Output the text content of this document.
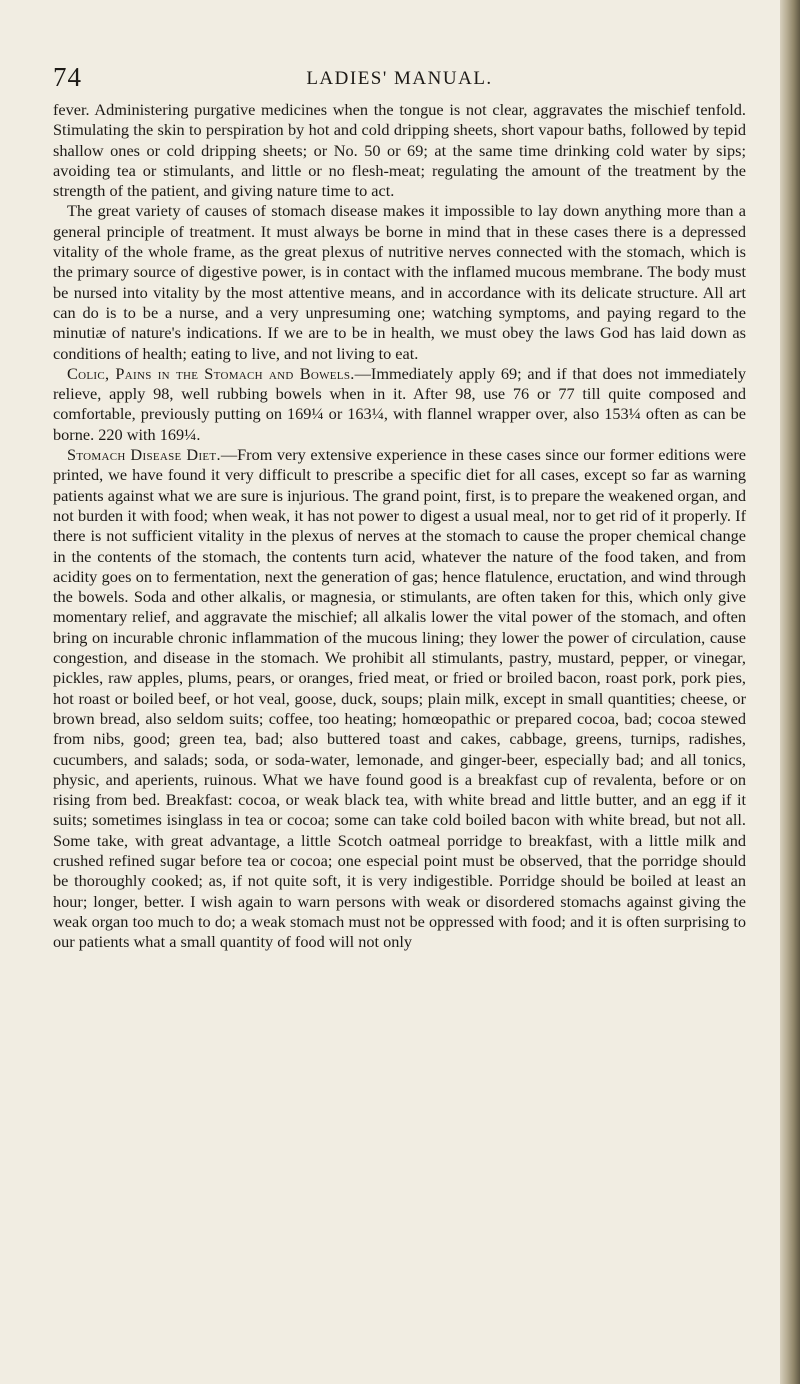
74	LADIES' MANUAL.

fever. Administering purgative medicines when the tongue is not clear, aggravates the mischief tenfold. Stimulating the skin to perspiration by hot and cold dripping sheets, short vapour baths, followed by tepid shallow ones or cold dripping sheets; or No. 50 or 69; at the same time drinking cold water by sips; avoiding tea or stimulants, and little or no flesh-meat; regulating the amount of the treatment by the strength of the patient, and giving nature time to act.

The great variety of causes of stomach disease makes it impossible to lay down anything more than a general principle of treatment. It must always be borne in mind that in these cases there is a depressed vitality of the whole frame, as the great plexus of nutritive nerves connected with the stomach, which is the primary source of digestive power, is in contact with the inflamed mucous membrane. The body must be nursed into vitality by the most attentive means, and in accordance with its delicate structure. All art can do is to be a nurse, and a very unpresuming one; watching symptoms, and paying regard to the minutiæ of nature's indications. If we are to be in health, we must obey the laws God has laid down as conditions of health; eating to live, and not living to eat.

Colic, Pains in the Stomach and Bowels.—Immediately apply 69; and if that does not immediately relieve, apply 98, well rubbing bowels when in it. After 98, use 76 or 77 till quite composed and comfortable, previously putting on 169¼ or 163¼, with flannel wrapper over, also 153¼ often as can be borne. 220 with 169¼.

Stomach Disease Diet.—From very extensive experience in these cases since our former editions were printed, we have found it very difficult to prescribe a specific diet for all cases, except so far as warning patients against what we are sure is injurious. The grand point, first, is to prepare the weakened organ, and not burden it with food; when weak, it has not power to digest a usual meal, nor to get rid of it properly. If there is not sufficient vitality in the plexus of nerves at the stomach to cause the proper chemical change in the contents of the stomach, the contents turn acid, whatever the nature of the food taken, and from acidity goes on to fermentation, next the generation of gas; hence flatulence, eructation, and wind through the bowels. Soda and other alkalis, or magnesia, or stimulants, are often taken for this, which only give momentary relief, and aggravate the mischief; all alkalis lower the vital power of the stomach, and often bring on incurable chronic inflammation of the mucous lining; they lower the power of circulation, cause congestion, and disease in the stomach. We prohibit all stimulants, pastry, mustard, pepper, or vinegar, pickles, raw apples, plums, pears, or oranges, fried meat, or fried or broiled bacon, roast pork, pork pies, hot roast or boiled beef, or hot veal, goose, duck, soups; plain milk, except in small quantities; cheese, or brown bread, also seldom suits; coffee, too heating; homœopathic or prepared cocoa, bad; cocoa stewed from nibs, good; green tea, bad; also buttered toast and cakes, cabbage, greens, turnips, radishes, cucumbers, and salads; soda, or soda-water, lemonade, and ginger-beer, especially bad; and all tonics, physic, and aperients, ruinous. What we have found good is a breakfast cup of revalenta, before or on rising from bed. Breakfast: cocoa, or weak black tea, with white bread and little butter, and an egg if it suits; sometimes isinglass in tea or cocoa; some can take cold boiled bacon with white bread, but not all. Some take, with great advantage, a little Scotch oatmeal porridge to breakfast, with a little milk and crushed refined sugar before tea or cocoa; one especial point must be observed, that the porridge should be thoroughly cooked; as, if not quite soft, it is very indigestible. Porridge should be boiled at least an hour; longer, better. I wish again to warn persons with weak or disordered stomachs against giving the weak organ too much to do; a weak stomach must not be oppressed with food; and it is often surprising to our patients what a small quantity of food will not only
